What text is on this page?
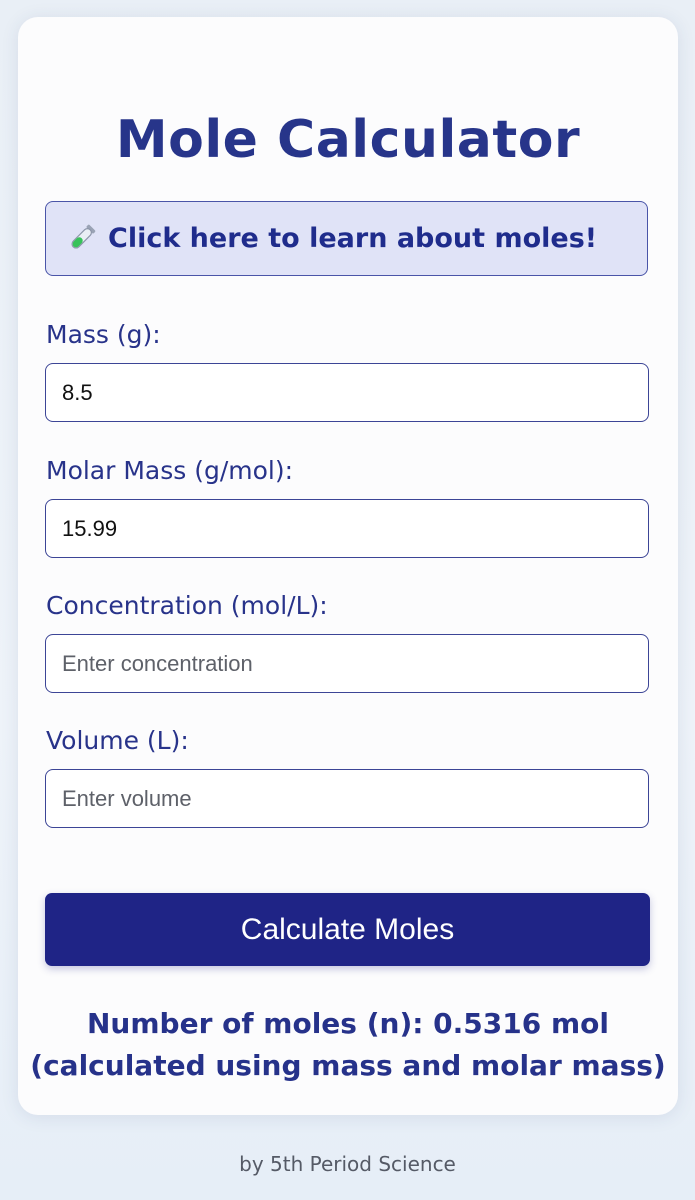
Mole Calculator
Click here to learn about moles!
Mass (g):
8.5
Molar Mass (g/mol):
15.99
Concentration (mol/L):
Enter concentration
Volume (L):
Enter volume
Calculate Moles
Number of moles (n): 0.5316 mol
(calculated using mass and molar mass)
by 5th Period Science
